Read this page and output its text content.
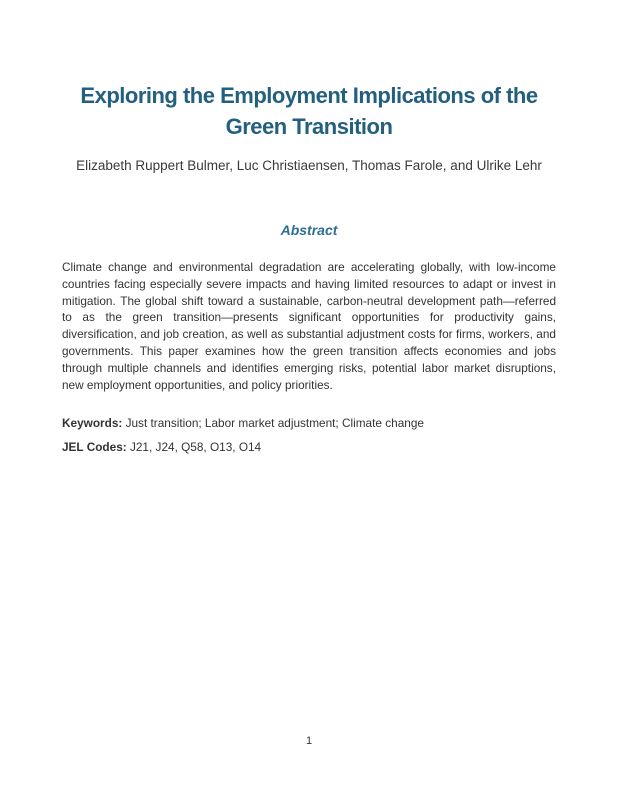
Exploring the Employment Implications of the
Green Transition
Elizabeth Ruppert Bulmer, Luc Christiaensen, Thomas Farole, and Ulrike Lehr
Abstract

Climate change and environmental degradation are accelerating globally, with low-income countries facing especially severe impacts and having limited resources to adapt or invest in mitigation. The global shift toward a sustainable, carbon-neutral development path—referred to as the green transition—presents significant opportunities for productivity gains, diversification, and job creation, as well as substantial adjustment costs for firms, workers, and governments. This paper examines how the green transition affects economies and jobs through multiple channels and identifies emerging risks, potential labor market disruptions, new employment opportunities, and policy priorities.

Keywords: Just transition; Labor market adjustment; Climate change
JEL Codes: J21, J24, Q58, O13, O14
1
